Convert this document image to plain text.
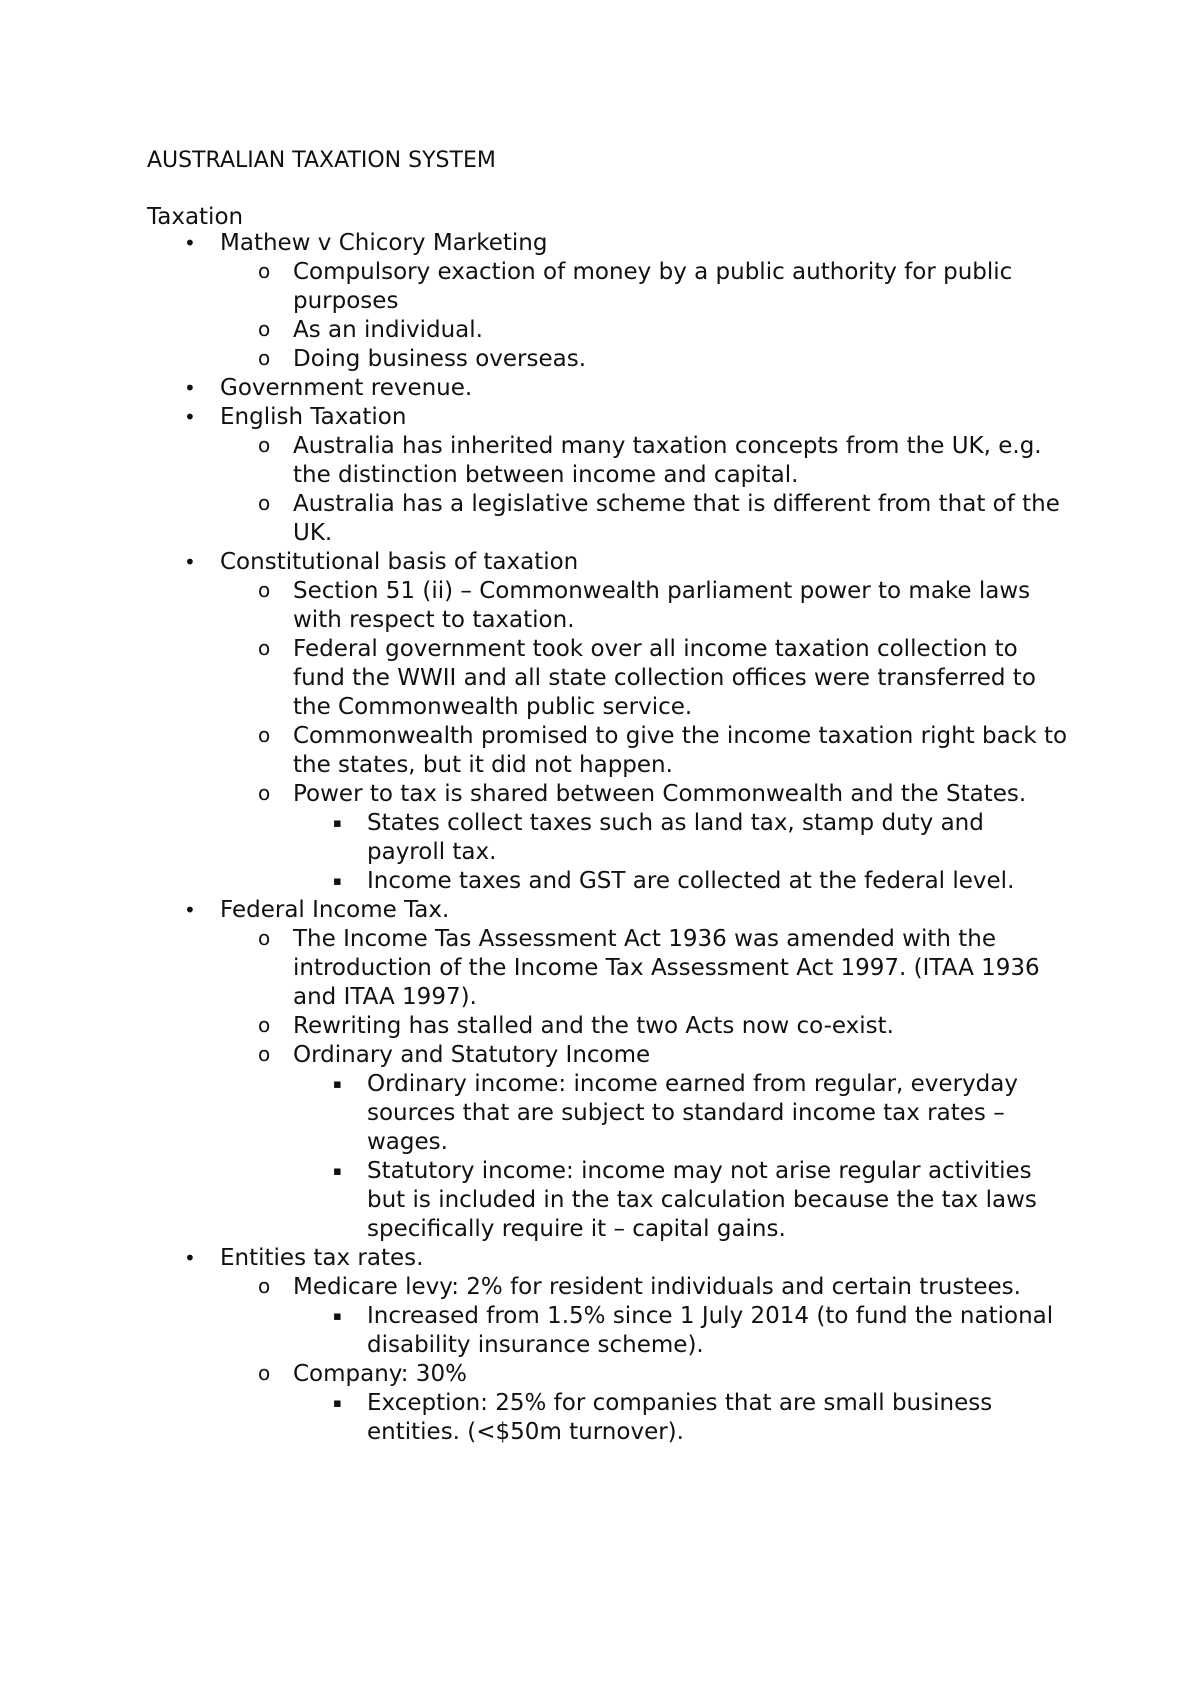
AUSTRALIAN TAXATION SYSTEM
Taxation
• Mathew v Chicory Marketing
o Compulsory exaction of money by a public authority for public purposes
o As an individual.
o Doing business overseas.
• Government revenue.
• English Taxation
o Australia has inherited many taxation concepts from the UK, e.g. the distinction between income and capital.
o Australia has a legislative scheme that is different from that of the UK.
• Constitutional basis of taxation
o Section 51 (ii) – Commonwealth parliament power to make laws with respect to taxation.
o Federal government took over all income taxation collection to fund the WWII and all state collection offices were transferred to the Commonwealth public service.
o Commonwealth promised to give the income taxation right back to the states, but it did not happen.
o Power to tax is shared between Commonwealth and the States.
▪ States collect taxes such as land tax, stamp duty and payroll tax.
▪ Income taxes and GST are collected at the federal level.
• Federal Income Tax.
o The Income Tas Assessment Act 1936 was amended with the introduction of the Income Tax Assessment Act 1997. (ITAA 1936 and ITAA 1997).
o Rewriting has stalled and the two Acts now co-exist.
o Ordinary and Statutory Income
▪ Ordinary income: income earned from regular, everyday sources that are subject to standard income tax rates – wages.
▪ Statutory income: income may not arise regular activities but is included in the tax calculation because the tax laws specifically require it – capital gains.
• Entities tax rates.
o Medicare levy: 2% for resident individuals and certain trustees.
▪ Increased from 1.5% since 1 July 2014 (to fund the national disability insurance scheme).
o Company: 30%
▪ Exception: 25% for companies that are small business entities. (<$50m turnover).
